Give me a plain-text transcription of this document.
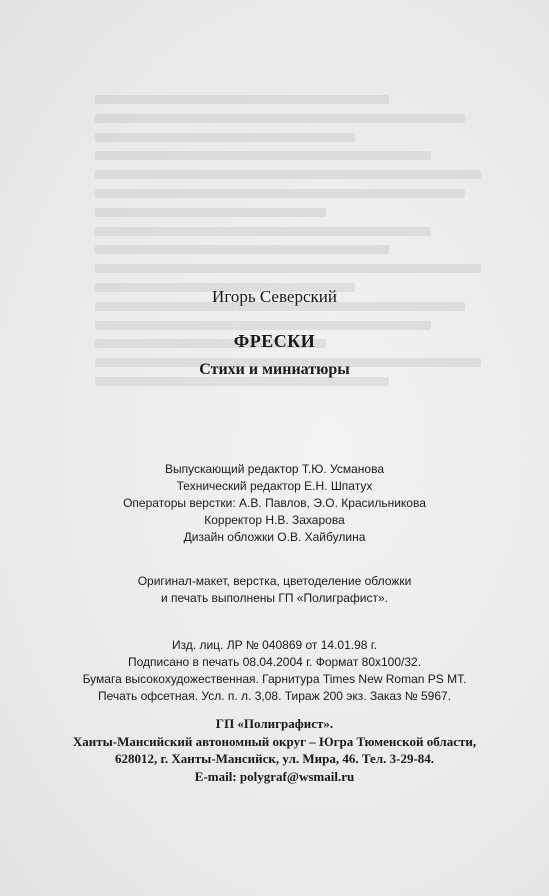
Игорь Северский
ФРЕСКИ
Стихи и миниатюры
Выпускающий редактор Т.Ю. Усманова
Технический редактор Е.Н. Шпатух
Операторы верстки: А.В. Павлов, Э.О. Красильникова
Корректор Н.В. Захарова
Дизайн обложки О.В. Хайбулина
Оригинал-макет, верстка, цветоделение обложки
и печать выполнены ГП «Полиграфист».
Изд. лиц. ЛР № 040869 от 14.01.98 г.
Подписано в печать 08.04.2004 г. Формат 80х100/32.
Бумага высокохудожественная. Гарнитура Times New Roman PS MT.
Печать офсетная. Усл. п. л. 3,08. Тираж 200 экз. Заказ № 5967.
ГП «Полиграфист».
Ханты-Мансийский автономный округ – Югра Тюменской области,
628012, г. Ханты-Мансийск, ул. Мира, 46. Тел. 3-29-84.
E-mail: polygraf@wsmail.ru
